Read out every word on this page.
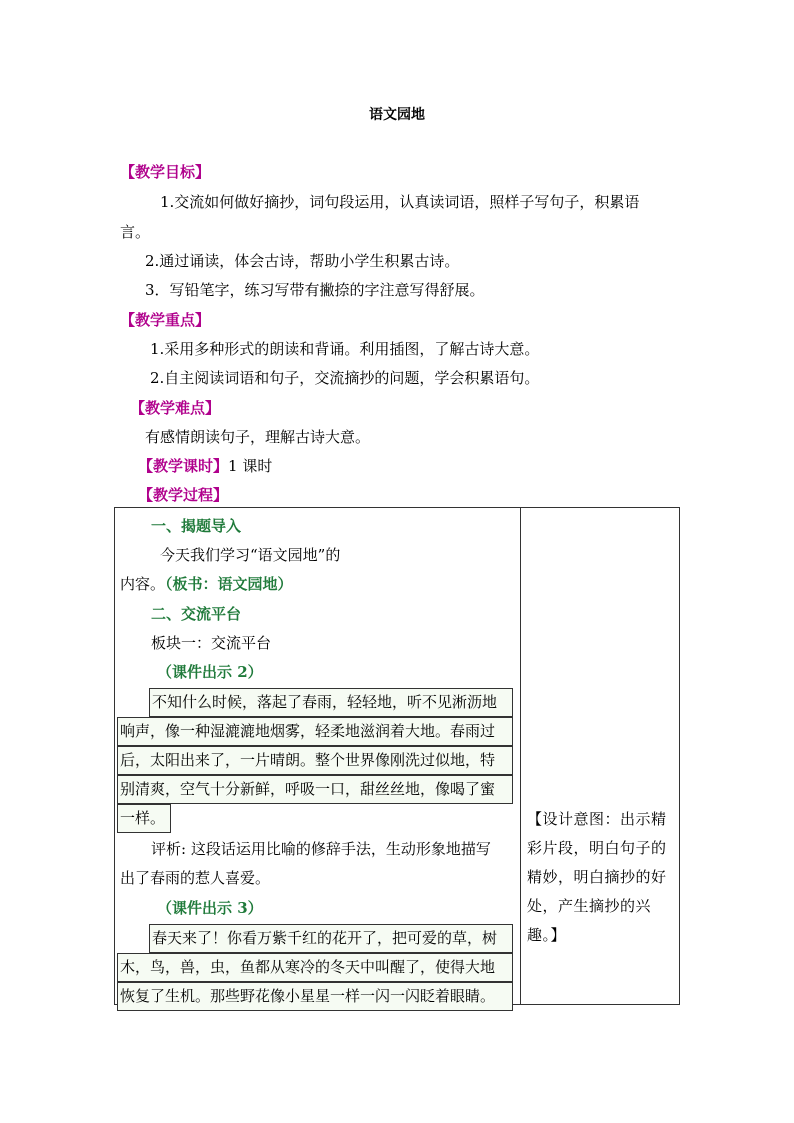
语文园地
【教学目标】
1.交流如何做好摘抄，词句段运用，认真读词语，照样子写句子，积累语
言。
2.通过诵读，体会古诗，帮助小学生积累古诗。
3．写铅笔字，练习写带有撇捺的字注意写得舒展。
【教学重点】
1.采用多种形式的朗读和背诵。利用插图，了解古诗大意。
2.自主阅读词语和句子，交流摘抄的问题，学会积累语句。
【教学难点】
有感情朗读句子，理解古诗大意。
【教学课时】1 课时
【教学过程】
一、揭题导入
今天我们学习“语文园地”的
内容。（板书：语文园地）
二、交流平台
板块一：交流平台
（课件出示 2）
不知什么时候，落起了春雨，轻轻地，听不见淅沥地
响声，像一种湿漉漉地烟雾，轻柔地滋润着大地。春雨过
后，太阳出来了，一片晴朗。整个世界像刚洗过似地，特
别清爽，空气十分新鲜，呼吸一口，甜丝丝地，像喝了蜜
一样。
评析: 这段话运用比喻的修辞手法，生动形象地描写
出了春雨的惹人喜爱。
（课件出示 3）
春天来了！你看万紫千红的花开了，把可爱的草，树
木，鸟，兽，虫，鱼都从寒冷的冬天中叫醒了，使得大地
恢复了生机。那些野花像小星星一样一闪一闪眨着眼睛。
【设计意图：出示精彩片段，明白句子的精妙，明白摘抄的好处，产生摘抄的兴趣。】
